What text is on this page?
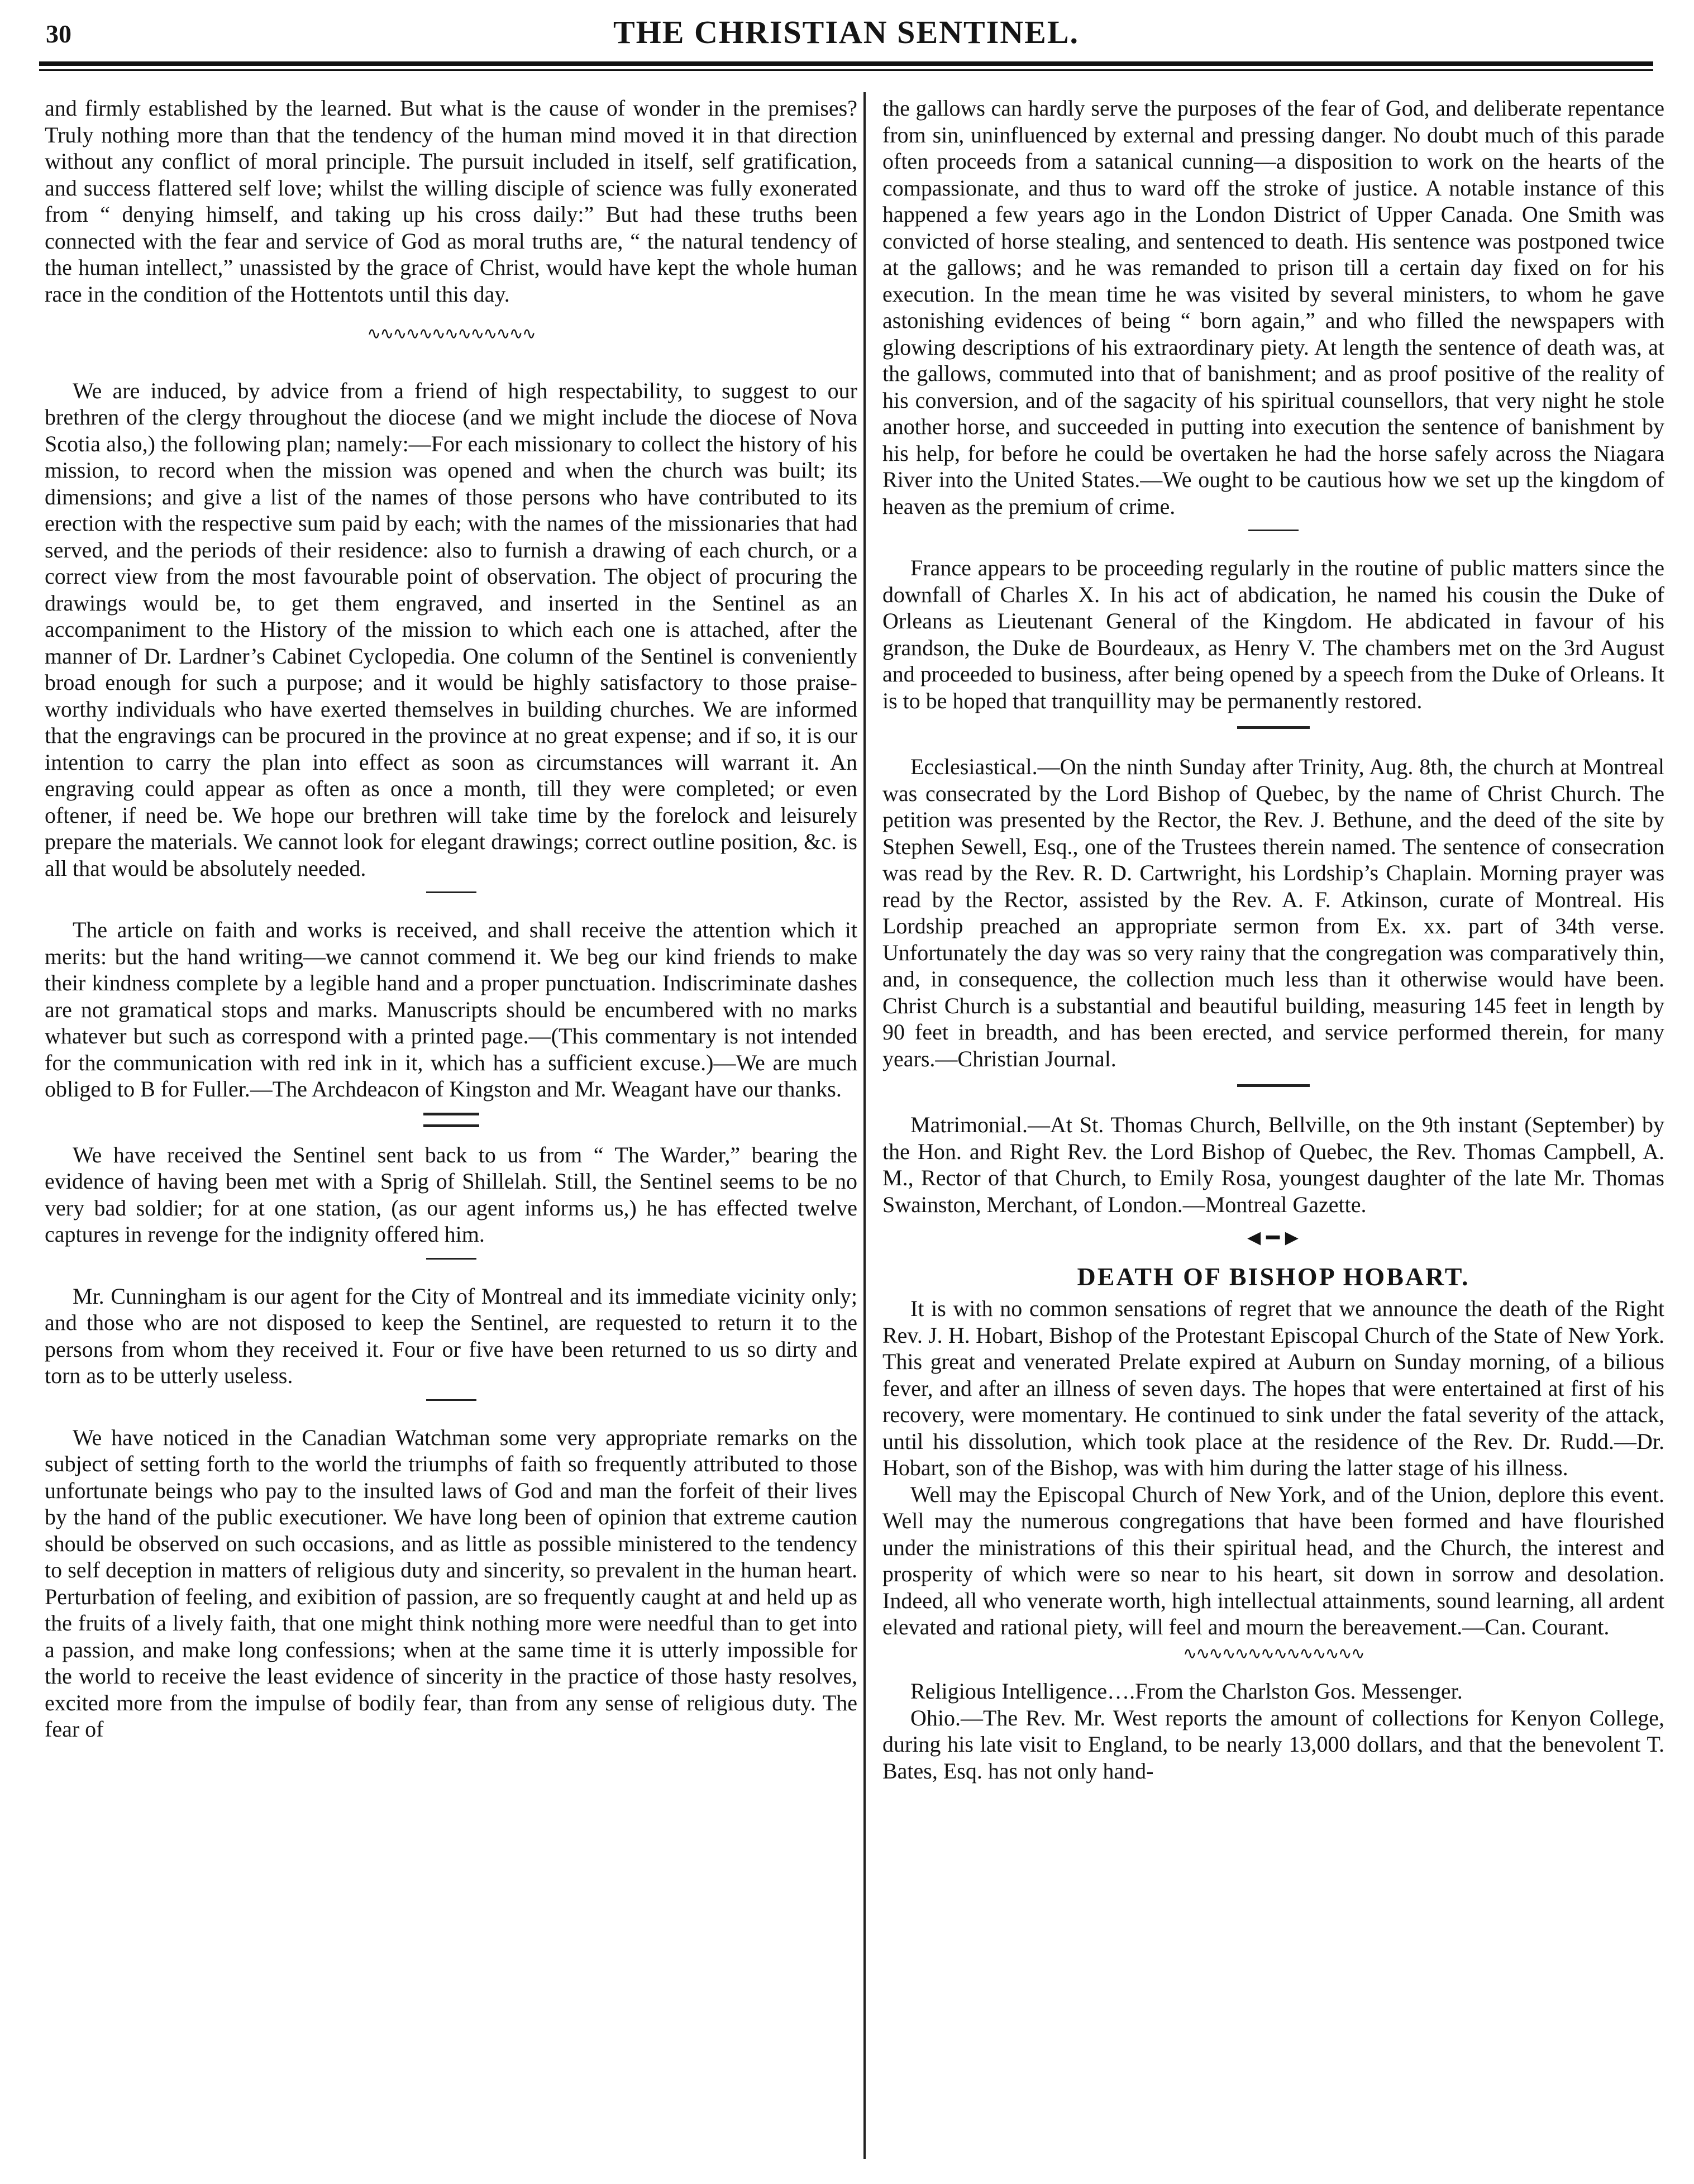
30	THE CHRISTIAN SENTINEL.

and firmly established by the learned. But what is the cause of wonder in the premises? Truly nothing more than that the tendency of the human mind moved it in that direction without any conflict of moral principle. The pursuit included in itself, self gratification, and success flattered self love; whilst the willing disciple of science was fully exonerated from “ denying himself, and taking up his cross daily:” But had these truths been connected with the fear and service of God as moral truths are, “ the natural tendency of the human intellect,” unassisted by the grace of Christ, would have kept the whole human race in the condition of the Hottentots until this day.

∿∿∿∿∿∿∿∿∿∿∿∿∿

We are induced, by advice from a friend of high respectability, to suggest to our brethren of the clergy throughout the diocese (and we might include the diocese of Nova Scotia also,) the following plan; namely:—For each missionary to collect the history of his mission, to record when the mission was opened and when the church was built; its dimensions; and give a list of the names of those persons who have contributed to its erection with the respective sum paid by each; with the names of the missionaries that had served, and the periods of their residence: also to furnish a drawing of each church, or a correct view from the most favourable point of observation. The object of procuring the drawings would be, to get them engraved, and inserted in the Sentinel as an accompaniment to the History of the mission to which each one is attached, after the manner of Dr. Lardner’s Cabinet Cyclopedia. One column of the Sentinel is conveniently broad enough for such a purpose; and it would be highly satisfactory to those praise-worthy individuals who have exerted themselves in building churches. We are informed that the engravings can be procured in the province at no great expense; and if so, it is our intention to carry the plan into effect as soon as circumstances will warrant it. An engraving could appear as often as once a month, till they were completed; or even oftener, if need be. We hope our brethren will take time by the forelock and leisurely prepare the materials. We cannot look for elegant drawings; correct outline position, &c. is all that would be absolutely needed.

The article on faith and works is received, and shall receive the attention which it merits: but the hand writing—we cannot commend it. We beg our kind friends to make their kindness complete by a legible hand and a proper punctuation. Indiscriminate dashes are not gramatical stops and marks. Manuscripts should be encumbered with no marks whatever but such as correspond with a printed page.—(This commentary is not intended for the communication with red ink in it, which has a sufficient excuse.)—We are much obliged to B for Fuller.—The Archdeacon of Kingston and Mr. Weagant have our thanks.

We have received the Sentinel sent back to us from “ The Warder,” bearing the evidence of having been met with a Sprig of Shillelah. Still, the Sentinel seems to be no very bad soldier; for at one station, (as our agent informs us,) he has effected twelve captures in revenge for the indignity offered him.

Mr. Cunningham is our agent for the City of Montreal and its immediate vicinity only; and those who are not disposed to keep the Sentinel, are requested to return it to the persons from whom they received it. Four or five have been returned to us so dirty and torn as to be utterly useless.

We have noticed in the Canadian Watchman some very appropriate remarks on the subject of setting forth to the world the triumphs of faith so frequently attributed to those unfortunate beings who pay to the insulted laws of God and man the forfeit of their lives by the hand of the public executioner. We have long been of opinion that extreme caution should be observed on such occasions, and as little as possible ministered to the tendency to self deception in matters of religious duty and sincerity, so prevalent in the human heart. Perturbation of feeling, and exibition of passion, are so frequently caught at and held up as the fruits of a lively faith, that one might think nothing more were needful than to get into a passion, and make long confessions; when at the same time it is utterly impossible for the world to receive the least evidence of sincerity in the practice of those hasty resolves, excited more from the impulse of bodily fear, than from any sense of religious duty. The fear of

the gallows can hardly serve the purposes of the fear of God, and deliberate repentance from sin, uninfluenced by external and pressing danger. No doubt much of this parade often proceeds from a satanical cunning—a disposition to work on the hearts of the compassionate, and thus to ward off the stroke of justice. A notable instance of this happened a few years ago in the London District of Upper Canada. One Smith was convicted of horse stealing, and sentenced to death. His sentence was postponed twice at the gallows; and he was remanded to prison till a certain day fixed on for his execution. In the mean time he was visited by several ministers, to whom he gave astonishing evidences of being “ born again,” and who filled the newspapers with glowing descriptions of his extraordinary piety. At length the sentence of death was, at the gallows, commuted into that of banishment; and as proof positive of the reality of his conversion, and of the sagacity of his spiritual counsellors, that very night he stole another horse, and succeeded in putting into execution the sentence of banishment by his help, for before he could be overtaken he had the horse safely across the Niagara River into the United States.—We ought to be cautious how we set up the kingdom of heaven as the premium of crime.

France appears to be proceeding regularly in the routine of public matters since the downfall of Charles X. In his act of abdication, he named his cousin the Duke of Orleans as Lieutenant General of the Kingdom. He abdicated in favour of his grandson, the Duke de Bourdeaux, as Henry V. The chambers met on the 3rd August and proceeded to business, after being opened by a speech from the Duke of Orleans. It is to be hoped that tranquillity may be permanently restored.

Ecclesiastical.—On the ninth Sunday after Trinity, Aug. 8th, the church at Montreal was consecrated by the Lord Bishop of Quebec, by the name of Christ Church. The petition was presented by the Rector, the Rev. J. Bethune, and the deed of the site by Stephen Sewell, Esq., one of the Trustees therein named. The sentence of consecration was read by the Rev. R. D. Cartwright, his Lordship’s Chaplain. Morning prayer was read by the Rector, assisted by the Rev. A. F. Atkinson, curate of Montreal. His Lordship preached an appropriate sermon from Ex. xx. part of 34th verse. Unfortunately the day was so very rainy that the congregation was comparatively thin, and, in consequence, the collection much less than it otherwise would have been. Christ Church is a substantial and beautiful building, measuring 145 feet in length by 90 feet in breadth, and has been erected, and service performed therein, for many years.—Christian Journal.

Matrimonial.—At St. Thomas Church, Bellville, on the 9th instant (September) by the Hon. and Right Rev. the Lord Bishop of Quebec, the Rev. Thomas Campbell, A. M., Rector of that Church, to Emily Rosa, youngest daughter of the late Mr. Thomas Swainston, Merchant, of London.—Montreal Gazette.

◄━►
DEATH OF BISHOP HOBART.

It is with no common sensations of regret that we announce the death of the Right Rev. J. H. Hobart, Bishop of the Protestant Episcopal Church of the State of New York. This great and venerated Prelate expired at Auburn on Sunday morning, of a bilious fever, and after an illness of seven days. The hopes that were entertained at first of his recovery, were momentary. He continued to sink under the fatal severity of the attack, until his dissolution, which took place at the residence of the Rev. Dr. Rudd.—Dr. Hobart, son of the Bishop, was with him during the latter stage of his illness.

Well may the Episcopal Church of New York, and of the Union, deplore this event. Well may the numerous congregations that have been formed and have flourished under the ministrations of this their spiritual head, and the Church, the interest and prosperity of which were so near to his heart, sit down in sorrow and desolation. Indeed, all who venerate worth, high intellectual attainments, sound learning, all ardent elevated and rational piety, will feel and mourn the bereavement.—Can. Courant.

∿∿∿∿∿∿∿∿∿∿∿∿∿∿

Religious Intelligence….From the Charlston Gos. Messenger.

Ohio.—The Rev. Mr. West reports the amount of collections for Kenyon College, during his late visit to England, to be nearly 13,000 dollars, and that the benevolent T. Bates, Esq. has not only hand-
